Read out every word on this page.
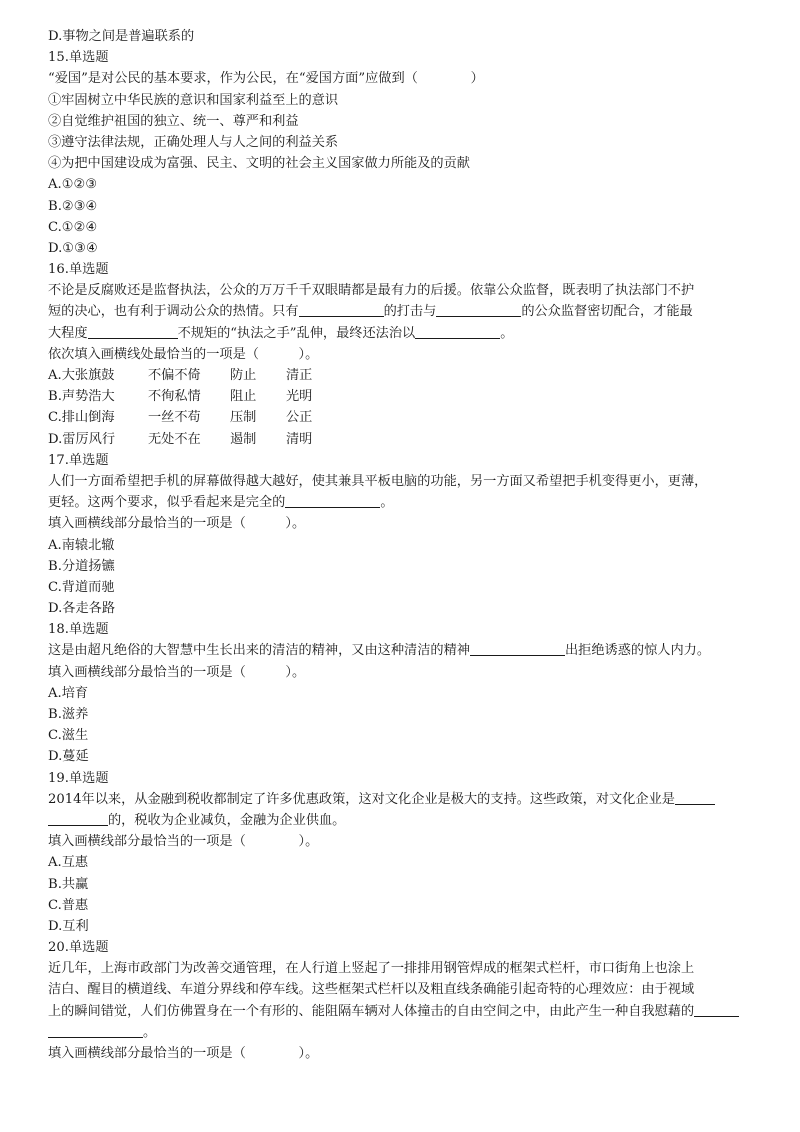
D.事物之间是普遍联系的
15.单选题
“爱国”是对公民的基本要求，作为公民，在“爱国方面”应做到（　　　　）
①牢固树立中华民族的意识和国家利益至上的意识
②自觉维护祖国的独立、统一、尊严和利益
③遵守法律法规，正确处理人与人之间的利益关系
④为把中国建设成为富强、民主、文明的社会主义国家做力所能及的贡献
A.①②③
B.②③④
C.①②④
D.①③④
16.单选题
不论是反腐败还是监督执法，公众的万万千千双眼睛都是最有力的后援。依靠公众监督，既表明了执法部门不护
短的决心，也有利于调动公众的热情。只有	的打击与	的公众监督密切配合，才能最
大程度	不规矩的“执法之手”乱伸，最终还法治以	。
依次填入画横线处最恰当的一项是（　　　）。
A.大张旗鼓	不偏不倚	防止	清正
B.声势浩大	不徇私情	阻止	光明
C.排山倒海	一丝不苟	压制	公正
D.雷厉风行	无处不在	遏制	清明
17.单选题
人们一方面希望把手机的屏幕做得越大越好，使其兼具平板电脑的功能，另一方面又希望把手机变得更小，更薄，
更轻。这两个要求，似乎看起来是完全的	。
填入画横线部分最恰当的一项是（　　　）。
A.南辕北辙
B.分道扬镳
C.背道而驰
D.各走各路
18.单选题
这是由超凡绝俗的大智慧中生长出来的清洁的精神，又由这种清洁的精神	出拒绝诱惑的惊人内力。
填入画横线部分最恰当的一项是（　　　）。
A.培育
B.滋养
C.滋生
D.蔓延
19.单选题
2014年以来，从金融到税收都制定了许多优惠政策，这对文化企业是极大的支持。这些政策，对文化企业是
的，税收为企业减负，金融为企业供血。
填入画横线部分最恰当的一项是（　　　　）。
A.互惠
B.共赢
C.普惠
D.互利
20.单选题
近几年，上海市政部门为改善交通管理，在人行道上竖起了一排排用钢管焊成的框架式栏杆，市口街角上也涂上
洁白、醒目的横道线、车道分界线和停车线。这些框架式栏杆以及粗直线条确能引起奇特的心理效应：由于视域
上的瞬间错觉，人们仿佛置身在一个有形的、能阻隔车辆对人体撞击的自由空间之中，由此产生一种自我慰藉的
。
填入画横线部分最恰当的一项是（　　　　）。
